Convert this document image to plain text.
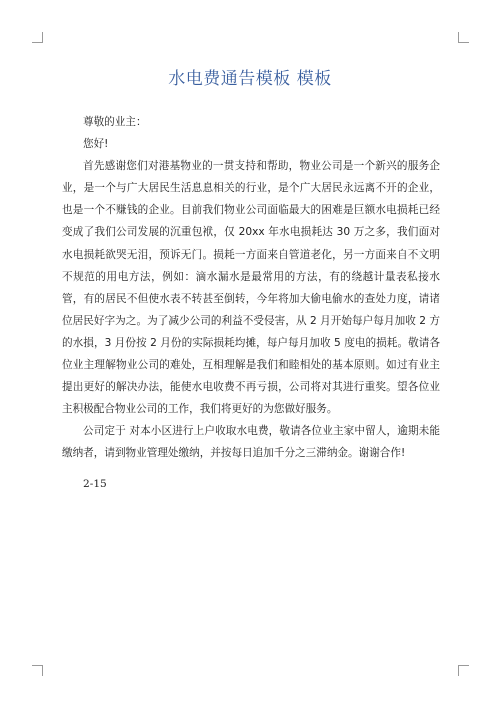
水电费通告模板 模板

尊敬的业主：

您好!

首先感谢您们对港基物业的一贯支持和帮助，物业公司是一个新兴的服务企业，是一个与广大居民生活息息相关的行业，是个广大居民永远离不开的企业，也是一个不赚钱的企业。目前我们物业公司面临最大的困难是巨额水电损耗已经变成了我们公司发展的沉重包袱，仅 20xx 年水电损耗达 30 万之多，我们面对水电损耗欲哭无泪，预诉无门。损耗一方面来自管道老化，另一方面来自不文明不规范的用电方法，例如：滴水漏水是最常用的方法，有的绕越计量表私接水管，有的居民不但使水表不转甚至倒转，今年将加大偷电偷水的查处力度，请诸位居民好字为之。为了减少公司的利益不受侵害，从 2 月开始每户每月加收 2 方的水損，3 月份按 2 月份的实际损耗均摊，每户每月加收 5 度电的损耗。敬请各位业主理解物业公司的难处，互相理解是我们和睦相处的基本原则。如过有业主提出更好的解决办法，能使水电收费不再亏损，公司将对其进行重奖。望各位业主积极配合物业公司的工作，我们将更好的为您做好服务。

公司定于 对本小区进行上户收取水电费，敬请各位业主家中留人，逾期未能缴纳者，请到物业管理处缴纳，并按每日追加千分之三滞纳金。谢谢合作!

2-15
